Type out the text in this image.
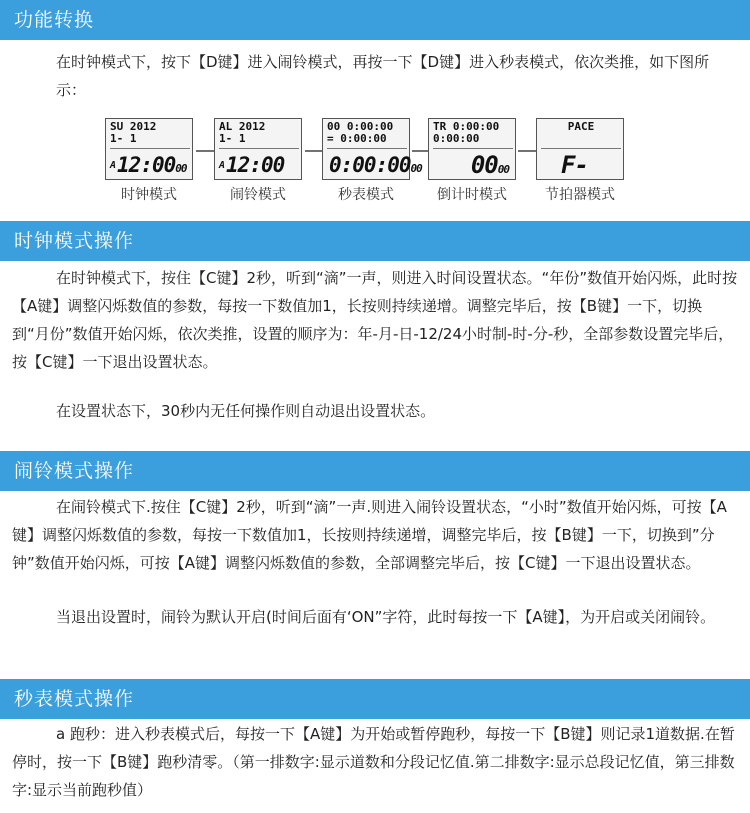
功能转换
在时钟模式下，按下【D键】进入闹铃模式，再按一下【D键】进入秒表模式，依次类推，如下图所示：
SU 2012
1- 1
A12:0000
时钟模式
AL 2012
1- 1
A12:00
闹铃模式
00 0:00:00
= 0:00:00
0:00:0000
秒表模式
TR 0:00:00
0:00:00
0000
倒计时模式
PACE
F-
节拍器模式
时钟模式操作
在时钟模式下，按住【C键】2秒，听到“滴”一声，则进入时间设置状态。“年份”数值开始闪烁，此时按【A键】调整闪烁数值的参数，每按一下数值加1，长按则持续递增。调整完毕后，按【B键】一下，切换到“月份”数值开始闪烁，依次类推，设置的顺序为：年-月-日-12/24小时制-时-分-秒，全部参数设置完毕后，按【C键】一下退出设置状态。
在设置状态下，30秒内无任何操作则自动退出设置状态。
闹铃模式操作
在闹铃模式下.按住【C键】2秒，听到“滴”一声.则进入闹铃设置状态，“小时”数值开始闪烁，可按【A键】调整闪烁数值的参数，每按一下数值加1，长按则持续递增，调整完毕后，按【B键】一下，切换到”分钟”数值开始闪烁，可按【A键】调整闪烁数值的参数，全部调整完毕后，按【C键】一下退出设置状态。
当退出设置时，闹铃为默认开启(时间后面有‘ON”字符，此时每按一下【A键】，为开启或关闭闹铃。
秒表模式操作
a 跑秒：进入秒表模式后，每按一下【A键】为开始或暂停跑秒，每按一下【B键】则记录1道数据.在暂停时，按一下【B键】跑秒清零。（第一排数字:显示道数和分段记忆值.第二排数字:显示总段记忆值，第三排数字:显示当前跑秒值）
